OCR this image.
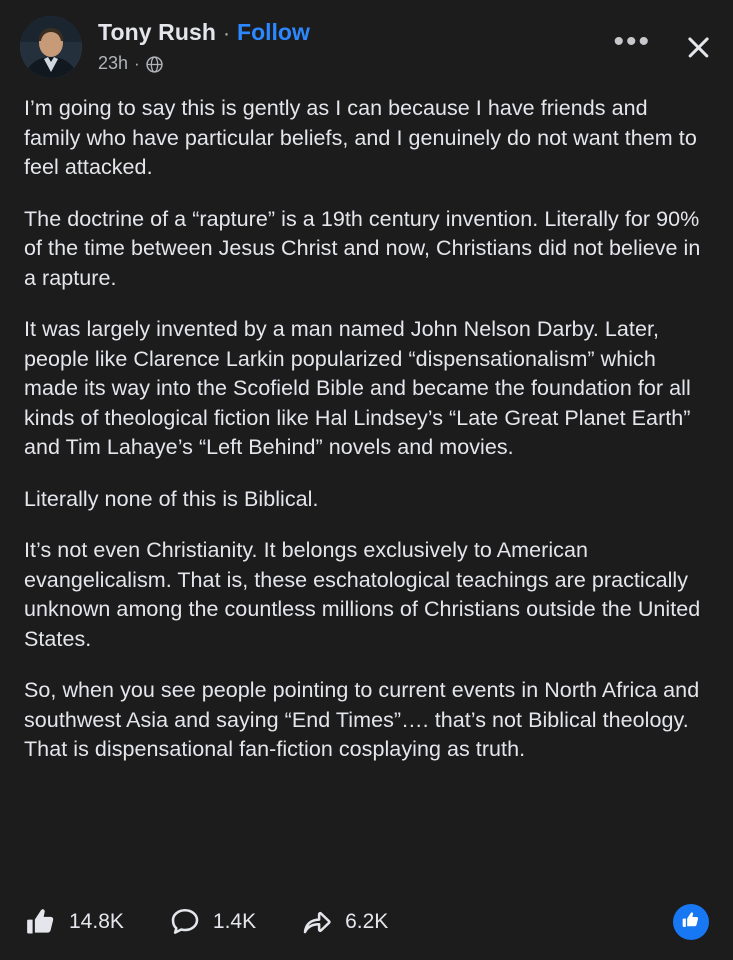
Tony Rush · Follow
23h ·
•••

I’m going to say this is gently as I can because I have friends and family who have particular beliefs, and I genuinely do not want them to feel attacked.

The doctrine of a “rapture” is a 19th century invention. Literally for 90% of the time between Jesus Christ and now, Christians did not believe in a rapture.

It was largely invented by a man named John Nelson Darby. Later, people like Clarence Larkin popularized “dispensationalism” which made its way into the Scofield Bible and became the foundation for all kinds of theological fiction like Hal Lindsey’s “Late Great Planet Earth” and Tim Lahaye’s “Left Behind” novels and movies.

Literally none of this is Biblical.

It’s not even Christianity. It belongs exclusively to American evangelicalism. That is, these eschatological teachings are practically unknown among the countless millions of Christians outside the United States.

So, when you see people pointing to current events in North Africa and southwest Asia and saying “End Times”…. that’s not Biblical theology. That is dispensational fan-fiction cosplaying as truth.

14.8K	1.4K	6.2K
